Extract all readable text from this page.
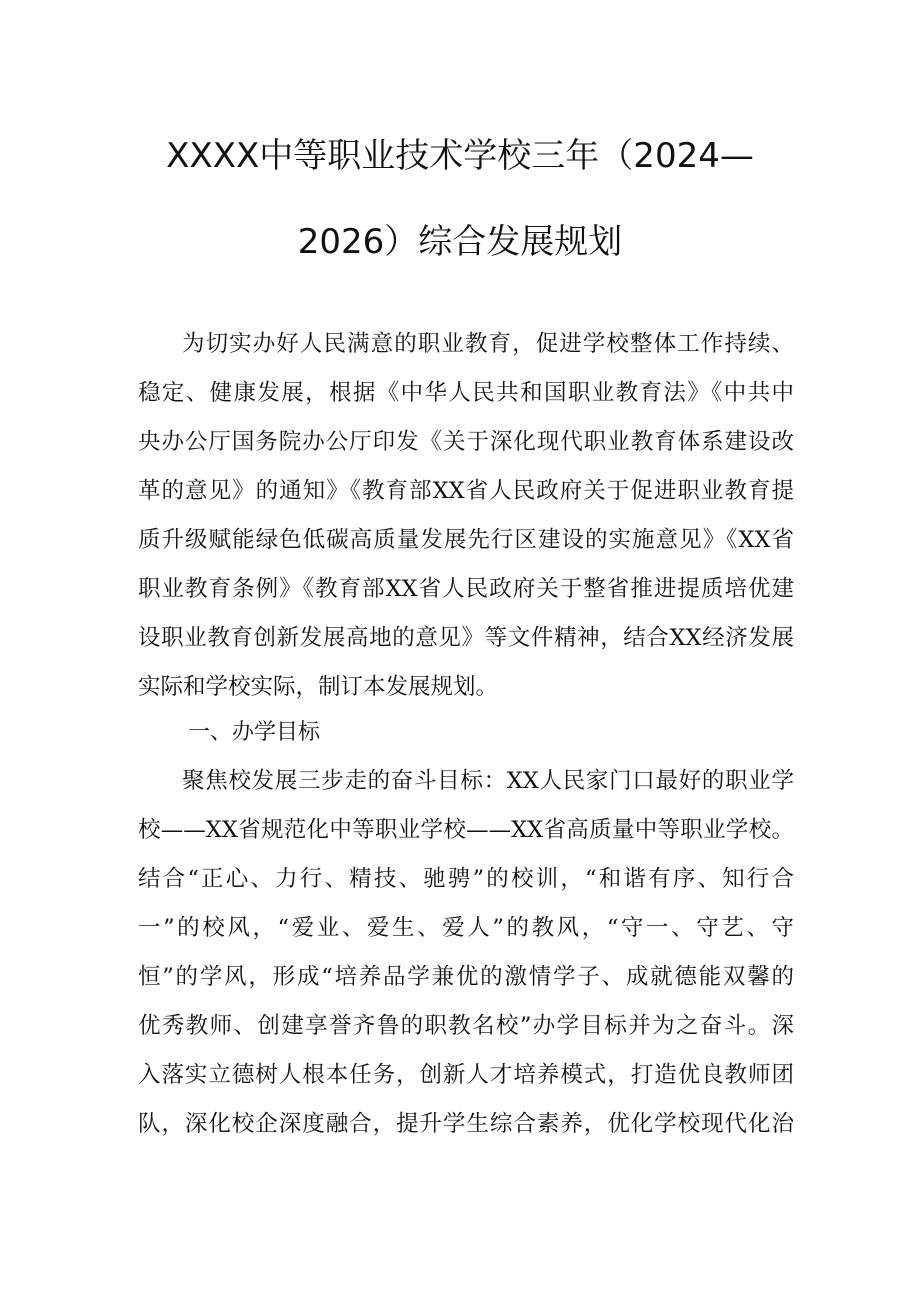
XXXX中等职业技术学校三年（2024—
2026）综合发展规划
为切实办好人民满意的职业教育，促进学校整体工作持续、
稳定、健康发展，根据《中华人民共和国职业教育法》《中共中
央办公厅国务院办公厅印发《关于深化现代职业教育体系建设改
革的意见》的通知》《教育部XX省人民政府关于促进职业教育提
质升级赋能绿色低碳高质量发展先行区建设的实施意见》《XX省
职业教育条例》《教育部XX省人民政府关于整省推进提质培优建
设职业教育创新发展高地的意见》等文件精神，结合XX经济发展
实际和学校实际，制订本发展规划。
一、办学目标
聚焦校发展三步走的奋斗目标：XX人民家门口最好的职业学
校——XX省规范化中等职业学校——XX省高质量中等职业学校。
结合“正心、力行、精技、驰骋”的校训，“和谐有序、知行合
一”的校风，“爱业、爱生、爱人”的教风，“守一、守艺、守
恒”的学风，形成“培养品学兼优的激情学子、成就德能双馨的
优秀教师、创建享誉齐鲁的职教名校”办学目标并为之奋斗。深
入落实立德树人根本任务，创新人才培养模式，打造优良教师团
队，深化校企深度融合，提升学生综合素养，优化学校现代化治
